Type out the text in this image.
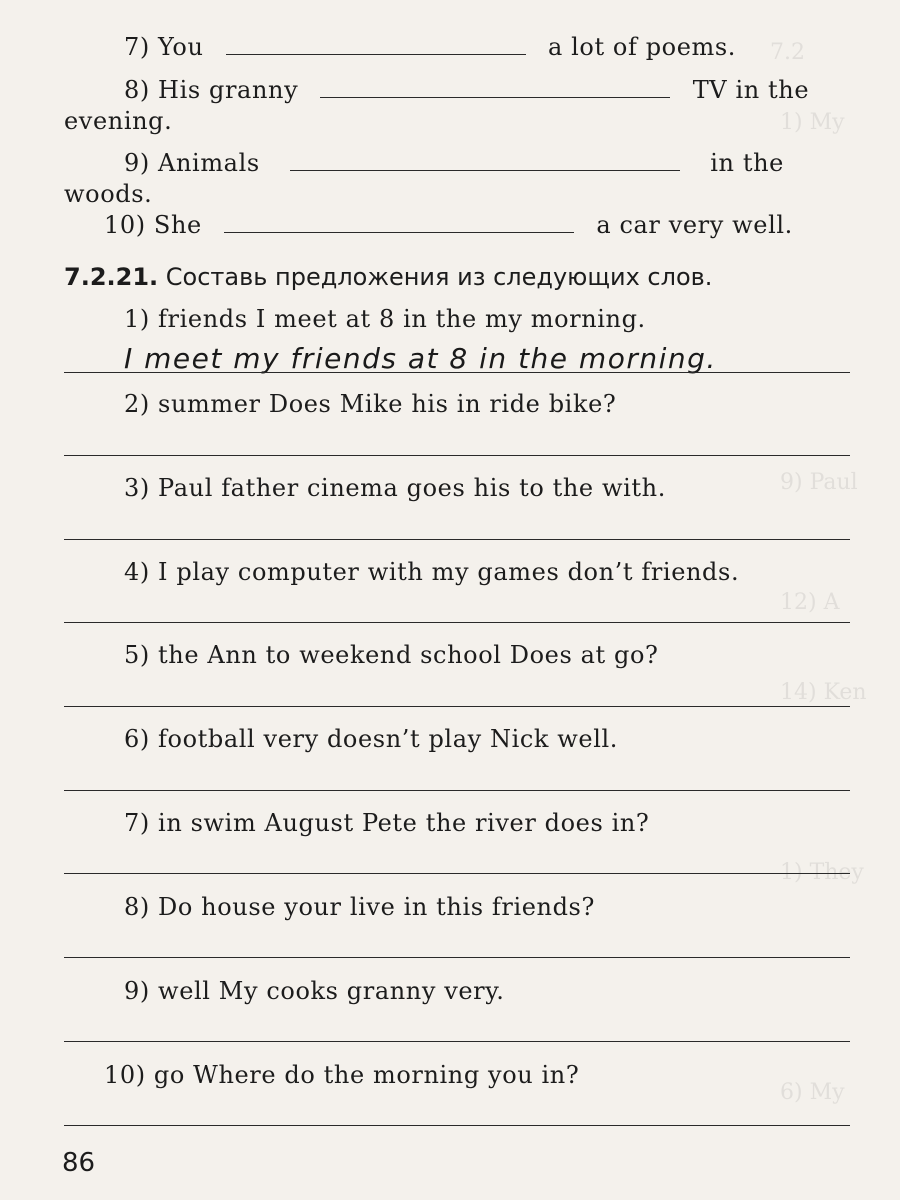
7.2
1) My
9) Paul
12) A
14) Ken
1) They
6) My
7) You	a lot of poems.
8) His granny	TV in the
evening.
9) Animals	in the
woods.
10) She	a car very well.
7.2.21. Составь предложения из следующих слов.
1) friends I meet at 8 in the my morning.
I meet my friends at 8 in the morning.
2) summer Does Mike his in ride bike?
3) Paul father cinema goes his to the with.
4) I play computer with my games don’t friends.
5) the Ann to weekend school Does at go?
6) football very doesn’t play Nick well.
7) in swim August Pete the river does in?
8) Do house your live in this friends?
9) well My cooks granny very.
10) go Where do the morning you in?
86
